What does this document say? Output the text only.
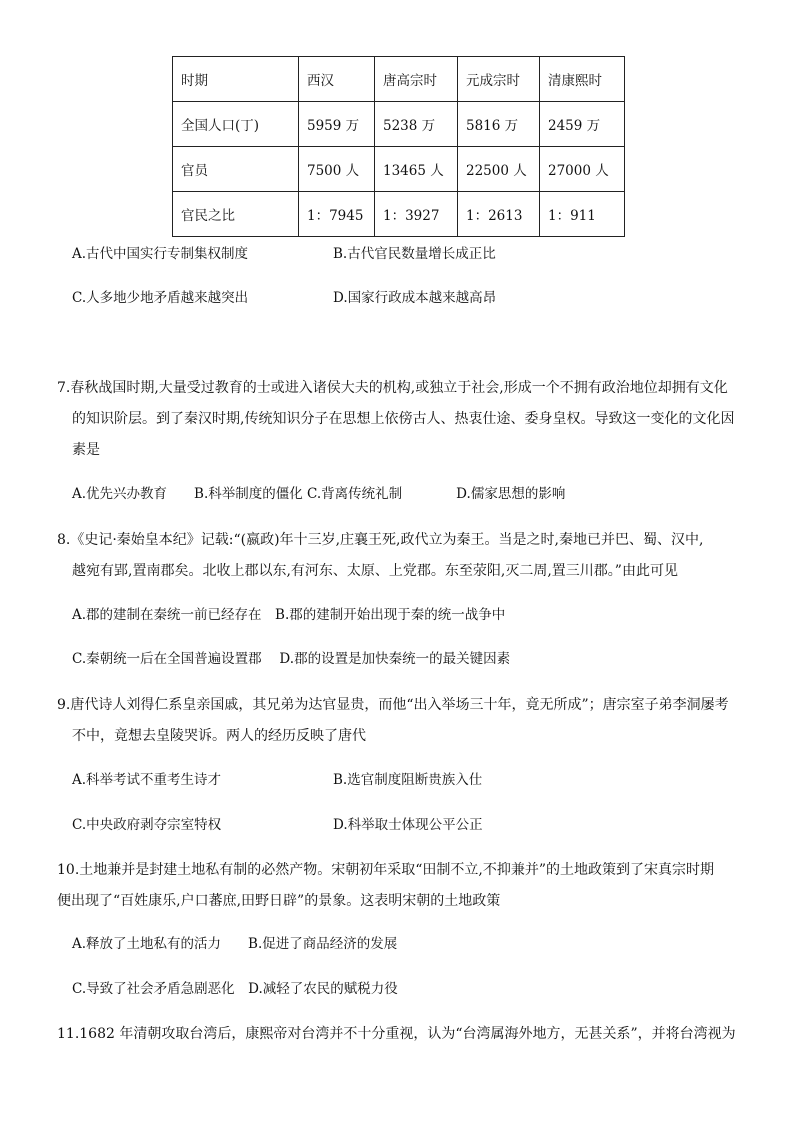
时期	西汉	唐高宗时	元成宗时	清康熙时
全国人口(丁)	5959 万	5238 万	5816 万	2459 万
官员	7500 人	13465 人	22500 人	27000 人
官民之比	1：7945	1：3927	1：2613	1：911
A.古代中国实行专制集权制度	B.古代官民数量增长成正比
C.人多地少地矛盾越来越突出	D.国家行政成本越来越高昂
7.春秋战国时期,大量受过教育的士或进入诸侯大夫的机构,或独立于社会,形成一个不拥有政治地位却拥有文化
的知识阶层。到了秦汉时期,传统知识分子在思想上依傍古人、热衷仕途、委身皇权。导致这一变化的文化因
素是
A.优先兴办教育　　B.科举制度的僵化 C.背离传统礼制　　　　D.儒家思想的影响
8.《史记·秦始皇本纪》记载:“(嬴政)年十三岁,庄襄王死,政代立为秦王。当是之时,秦地已并巴、蜀、汉中,
越宛有郢,置南郡矣。北收上郡以东,有河东、太原、上党郡。东至荥阳,灭二周,置三川郡。”由此可见
A.郡的建制在秦统一前已经存在　B.郡的建制开始出现于秦的统一战争中
C.秦朝统一后在全国普遍设置郡　 D.郡的设置是加快秦统一的最关键因素
9.唐代诗人刘得仁系皇亲国戚，其兄弟为达官显贵，而他“出入举场三十年，竟无所成”；唐宗室子弟李洞屡考
不中，竟想去皇陵哭诉。两人的经历反映了唐代
A.科举考试不重考生诗才	B.选官制度阻断贵族入仕
C.中央政府剥夺宗室特权	D.科举取士体现公平公正
10.土地兼并是封建土地私有制的必然产物。宋朝初年采取“田制不立,不抑兼并”的土地政策到了宋真宗时期
便出现了“百姓康乐,户口蕃庶,田野日辟”的景象。这表明宋朝的土地政策
A.释放了土地私有的活力　　B.促进了商品经济的发展
C.导致了社会矛盾急剧恶化　D.减轻了农民的赋税力役
11.1682 年清朝攻取台湾后，康熙帝对台湾并不十分重视，认为“台湾属海外地方，无甚关系”，并将台湾视为
